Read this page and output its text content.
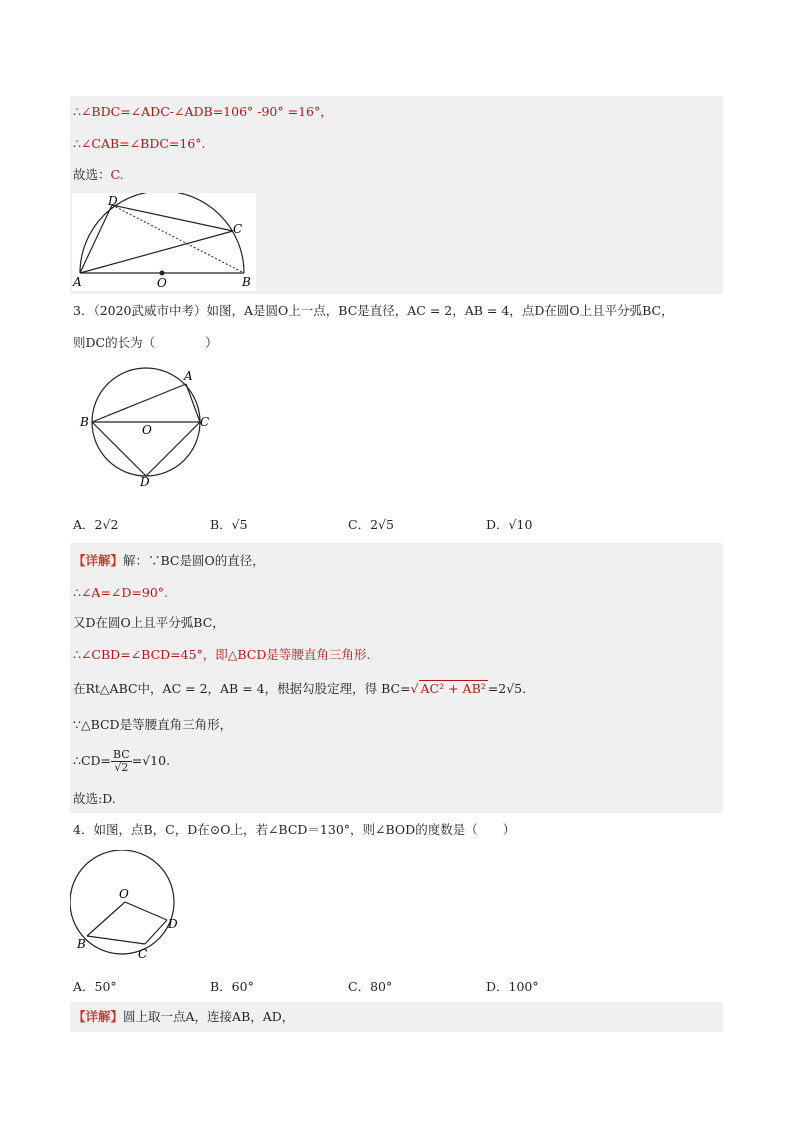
∴∠BDC=∠ADC-∠ADB=106° -90° =16°，
∴∠CAB=∠BDC=16°.
故选：C.
A	B
C
D
O
3．（2020武威市中考）如图，A是圆O上一点，BC是直径，AC = 2，AB = 4，点D在圆O上且平分弧BC，
则DC的长为（　　　　）
A
B	C
D
O
A．2√2	B．√5	C．2√5	D．√10
【详解】解：∵BC是圆O的直径，
∴∠A=∠D=90°.
又D在圆O上且平分弧BC，
∴∠CBD=∠BCD=45°，即△BCD是等腰直角三角形.
在Rt△ABC中，AC = 2，AB = 4，根据勾股定理，得 BC=√ AC² + AB² =2√5.
∵△BCD是等腰直角三角形，
∴CD= $\frac{BC}{√2} =√10$.
故选:D.
4．如图，点B，C，D在⊙O上，若∠BCD＝130°，则∠BOD的度数是（　　）
O
B
C
D
A．50°	B．60°	C．80°	D．100°
【详解】圆上取一点A，连接AB，AD，
